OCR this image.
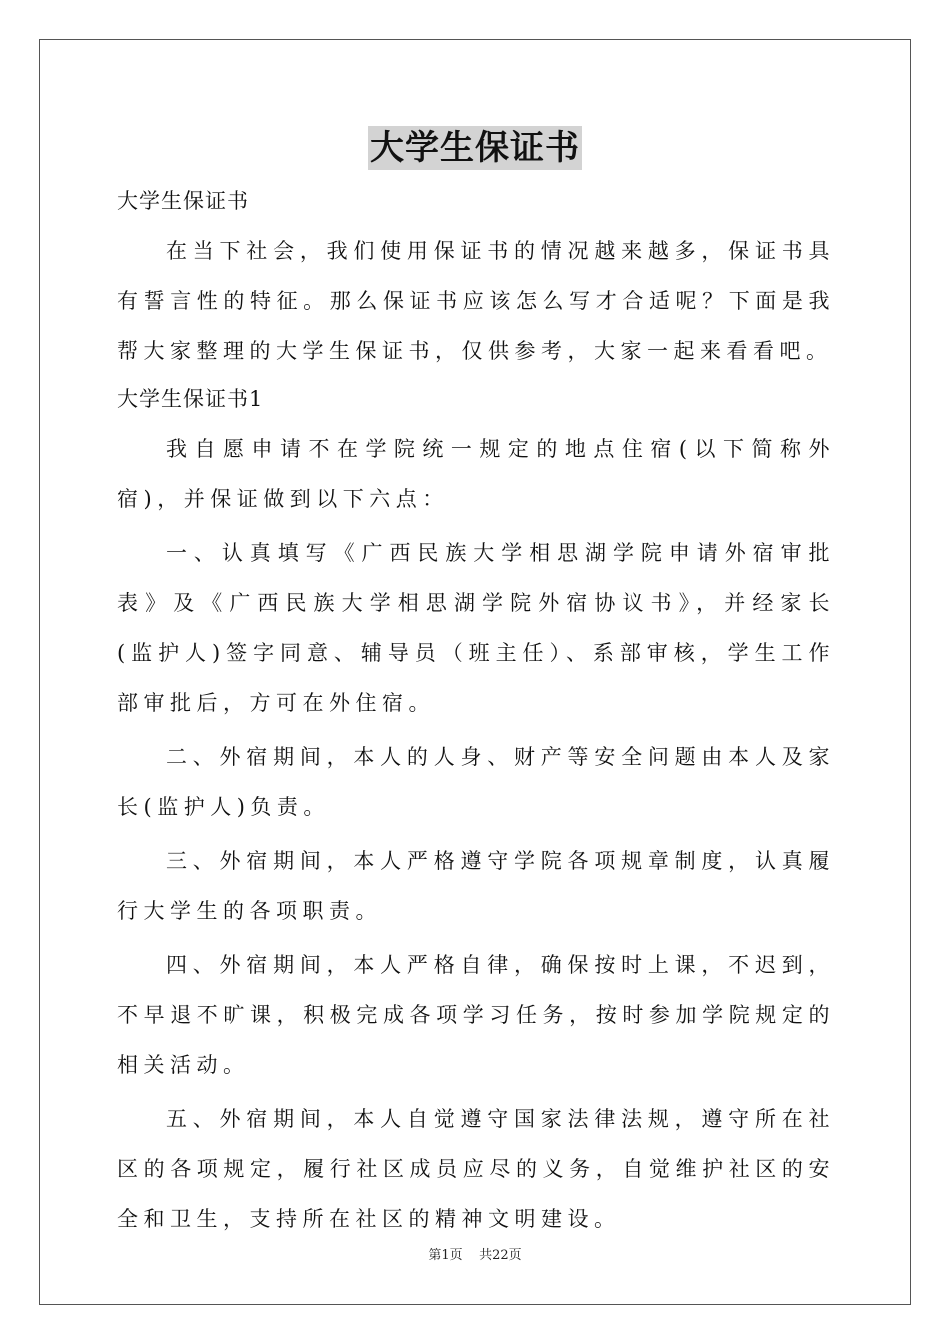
大学生保证书

大学生保证书

在当下社会，我们使用保证书的情况越来越多，保证书具有誓言性的特征。那么保证书应该怎么写才合适呢？下面是我帮大家整理的大学生保证书，仅供参考，大家一起来看看吧。

大学生保证书1

我自愿申请不在学院统一规定的地点住宿(以下简称外宿)，并保证做到以下六点：

一、认真填写《广西民族大学相思湖学院申请外宿审批表》及《广西民族大学相思湖学院外宿协议书》，并经家长(监护人)签字同意、辅导员（班主任）、系部审核，学生工作部审批后，方可在外住宿。

二、外宿期间，本人的人身、财产等安全问题由本人及家长(监护人)负责。

三、外宿期间，本人严格遵守学院各项规章制度，认真履行大学生的各项职责。

四、外宿期间，本人严格自律，确保按时上课，不迟到，不早退不旷课，积极完成各项学习任务，按时参加学院规定的相关活动。

五、外宿期间，本人自觉遵守国家法律法规，遵守所在社区的各项规定，履行社区成员应尽的义务，自觉维护社区的安全和卫生，支持所在社区的精神文明建设。

第1页 共22页
